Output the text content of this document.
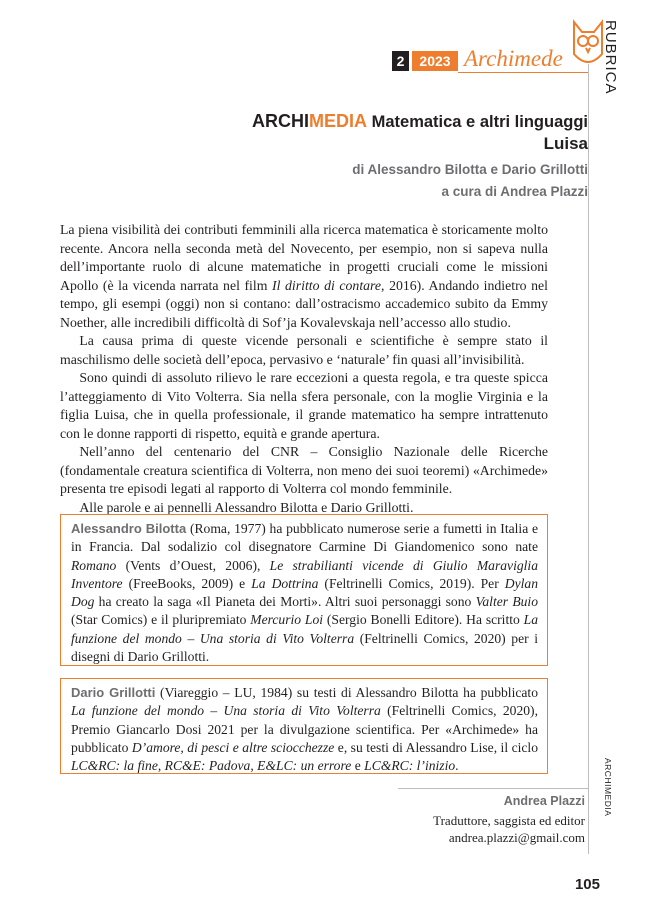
2	2023 Archimede	RUBRICA
ARCHIMEDIA
ARCHIMEDIA Matematica e altri linguaggi
Luisa
di Alessandro Bilotta e Dario Grillotti
a cura di Andrea Plazzi

La piena visibilità dei contributi femminili alla ricerca matematica è storicamente molto recente. Ancora nella seconda metà del Novecento, per esempio, non si sapeva nulla dell’importante ruolo di alcune matematiche in progetti cruciali come le missioni Apollo (è la vicenda narrata nel film Il diritto di contare, 2016). Andando indietro nel tempo, gli esempi (oggi) non si contano: dall’ostracismo accademico subito da Emmy Noether, alle incredibili difficoltà di Sof’ja Kovalevskaja nell’accesso allo studio.

La causa prima di queste vicende personali e scientifiche è sempre stato il maschilismo delle società dell’epoca, pervasivo e ‘naturale’ fin quasi all’invisibilità.

Sono quindi di assoluto rilievo le rare eccezioni a questa regola, e tra queste spicca l’atteggiamento di Vito Volterra. Sia nella sfera personale, con la moglie Virginia e la figlia Luisa, che in quella professionale, il grande matematico ha sempre intrattenuto con le donne rapporti di rispetto, equità e grande apertura.

Nell’anno del centenario del CNR – Consiglio Nazionale delle Ricerche (fondamentale creatura scientifica di Volterra, non meno dei suoi teoremi) «Archimede» presenta tre episodi legati al rapporto di Volterra col mondo femminile.

Alle parole e ai pennelli Alessandro Bilotta e Dario Grillotti.

Alessandro Bilotta (Roma, 1977) ha pubblicato numerose serie a fumetti in Italia e in Francia. Dal sodalizio col disegnatore Carmine Di Giandomenico sono nate Romano (Vents d’Ouest, 2006), Le strabilianti vicende di Giulio Maraviglia Inventore (FreeBooks, 2009) e La Dottrina (Feltrinelli Comics, 2019). Per Dylan Dog ha creato la saga «Il Pianeta dei Morti». Altri suoi personaggi sono Valter Buio (Star Comics) e il pluripremiato Mercurio Loi (Sergio Bonelli Editore). Ha scritto La funzione del mondo – Una storia di Vito Volterra (Feltrinelli Comics, 2020) per i disegni di Dario Grillotti.
Dario Grillotti (Viareggio – LU, 1984) su testi di Alessandro Bilotta ha pubblicato La funzione del mondo – Una storia di Vito Volterra (Feltrinelli Comics, 2020), Premio Giancarlo Dosi 2021 per la divulgazione scientifica. Per «Archimede» ha pubblicato D’amore, di pesci e altre sciocchezze e, su testi di Alessandro Lise, il ciclo LC&RC: la fine, RC&E: Padova, E&LC: un errore e LC&RC: l’inizio.
Andrea Plazzi
Traduttore, saggista ed editor
andrea.plazzi@gmail.com
105
